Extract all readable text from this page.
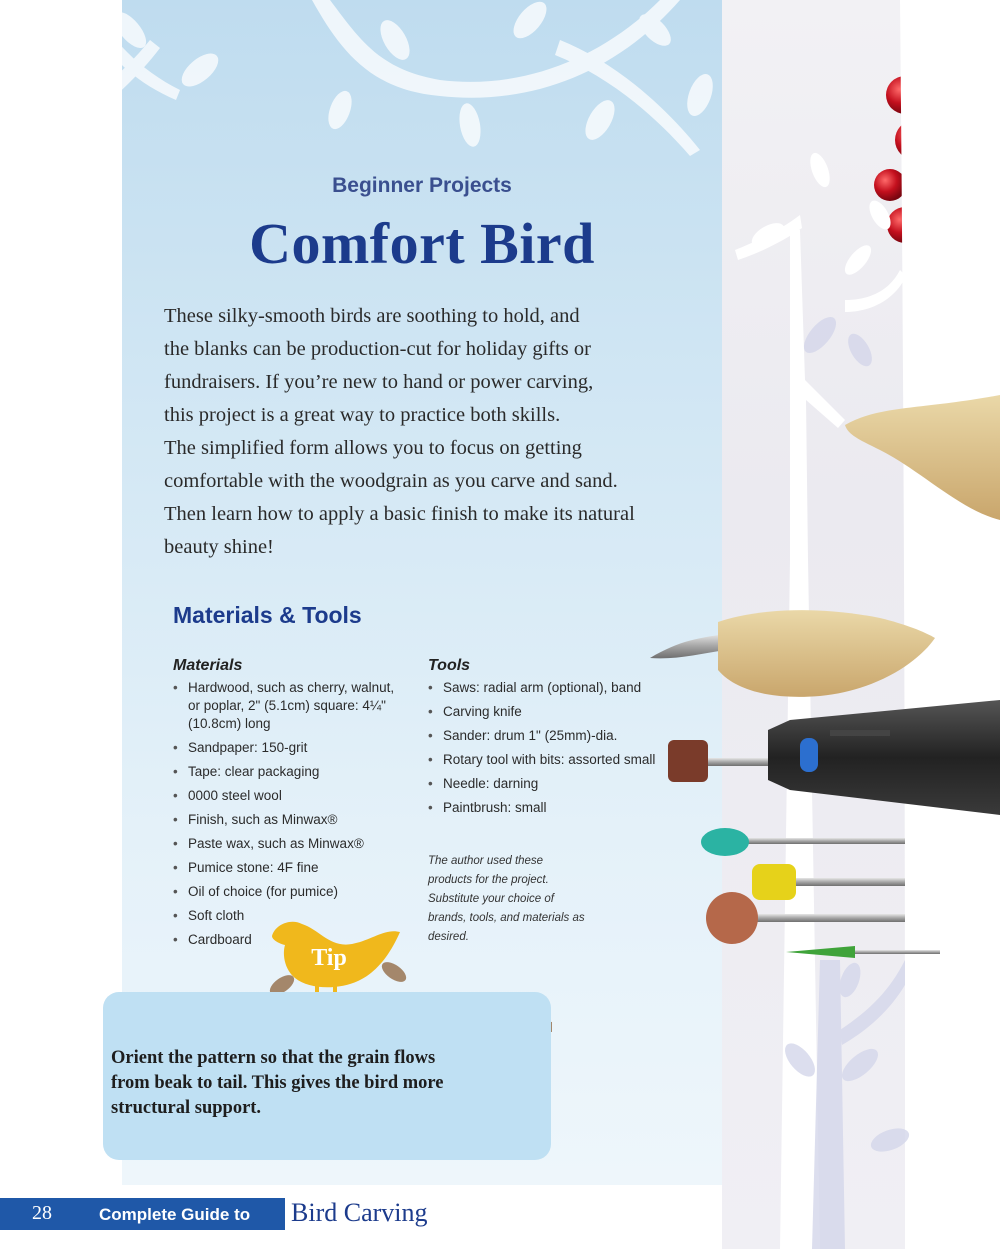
Beginner Projects
Comfort Bird

These silky-smooth birds are soothing to hold, and
the blanks can be production-cut for holiday gifts or
fundraisers. If you’re new to hand or power carving,
this project is a great way to practice both skills.
The simplified form allows you to focus on getting
comfortable with the woodgrain as you carve and sand.
Then learn how to apply a basic finish to make its natural
beauty shine!

Materials & Tools
Materials
• Hardwood, such as cherry, walnut, or poplar, 2" (5.1cm) square: 4¼" (10.8cm) long
• Sandpaper: 150-grit
• Tape: clear packaging
• 0000 steel wool
• Finish, such as Minwax®
• Paste wax, such as Minwax®
• Pumice stone: 4F fine
• Oil of choice (for pumice)
• Soft cloth
• Cardboard
Tools
• Saws: radial arm (optional), band
• Carving knife
• Sander: drum 1" (25mm)-dia.
• Rotary tool with bits: assorted small
• Needle: darning
• Paintbrush: small
The author used these products for the project. Substitute your choice of brands, tools, and materials as desired.
Tip

Orient the pattern so that the grain flows from beak to tail. This gives the bird more structural support.

28	Complete Guide to Bird Carving
